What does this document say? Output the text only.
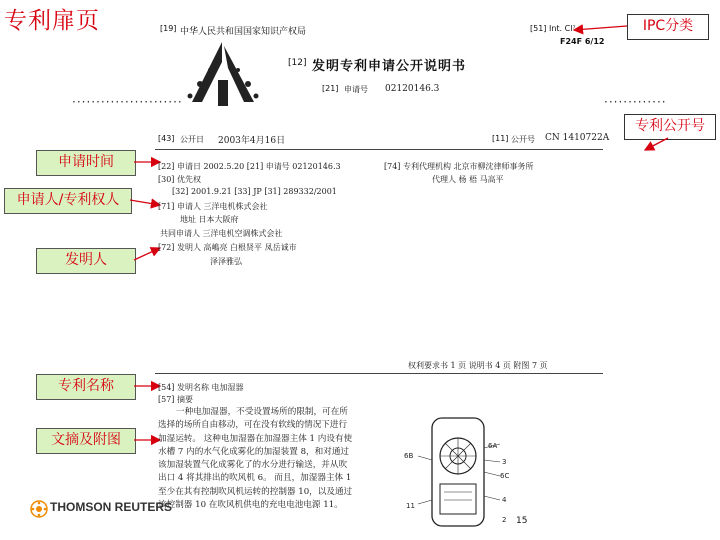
专利扉页	IPC分类
专利公开号
申请时间
申请人/专利权人
发明人
专利名称
文摘及附图
[19] 中华人民共和国国家知识产权局	[51] Int. Cl⁷
F24F 6/12
[12] 发明专利申请公开说明书
[21] 申请号 02120146.3
·······················	·············
[43] 公开日 2003年4月16日	[11] 公开号 CN 1410722A
[22] 申请日 2002.5.20 [21] 申请号 02120146.3
[30] 优先权
[32] 2001.9.21 [33] JP [31] 289332/2001
[71] 申请人 三洋电机株式会社
地址 日本大阪府
共同申请人 三洋电机空调株式会社
[72] 发明人 高嶋亮 白根贤平 凤岳诚市
泽泽雅弘
[74] 专利代理机构 北京市柳沈律师事务所
代理人 杨 梧 马高平
权利要求书 1 页 说明书 4 页 附图 7 页
[54] 发明名称 电加湿器
[57] 摘要
一种电加湿器，不受设置场所的限制，可在所
选择的场所自由移动，可在没有软线的情况下进行
加湿运转。 这种电加湿器在加湿器主体 1 内设有使
水槽 7 内的水气化成雾化的加湿装置 8，和对通过
该加湿装置气化成雾化了的水分进行输送，并从吹
出口 4 将其排出的吹风机 6。 而且，加湿器主体 1
至少在其有控制吹风机运转的控制器 10，以及通过
该控制器 10 在吹风机供电的充电电池电源 11。
6A
6B
3
6C
4
11
2
THOMSON REUTERS
15
